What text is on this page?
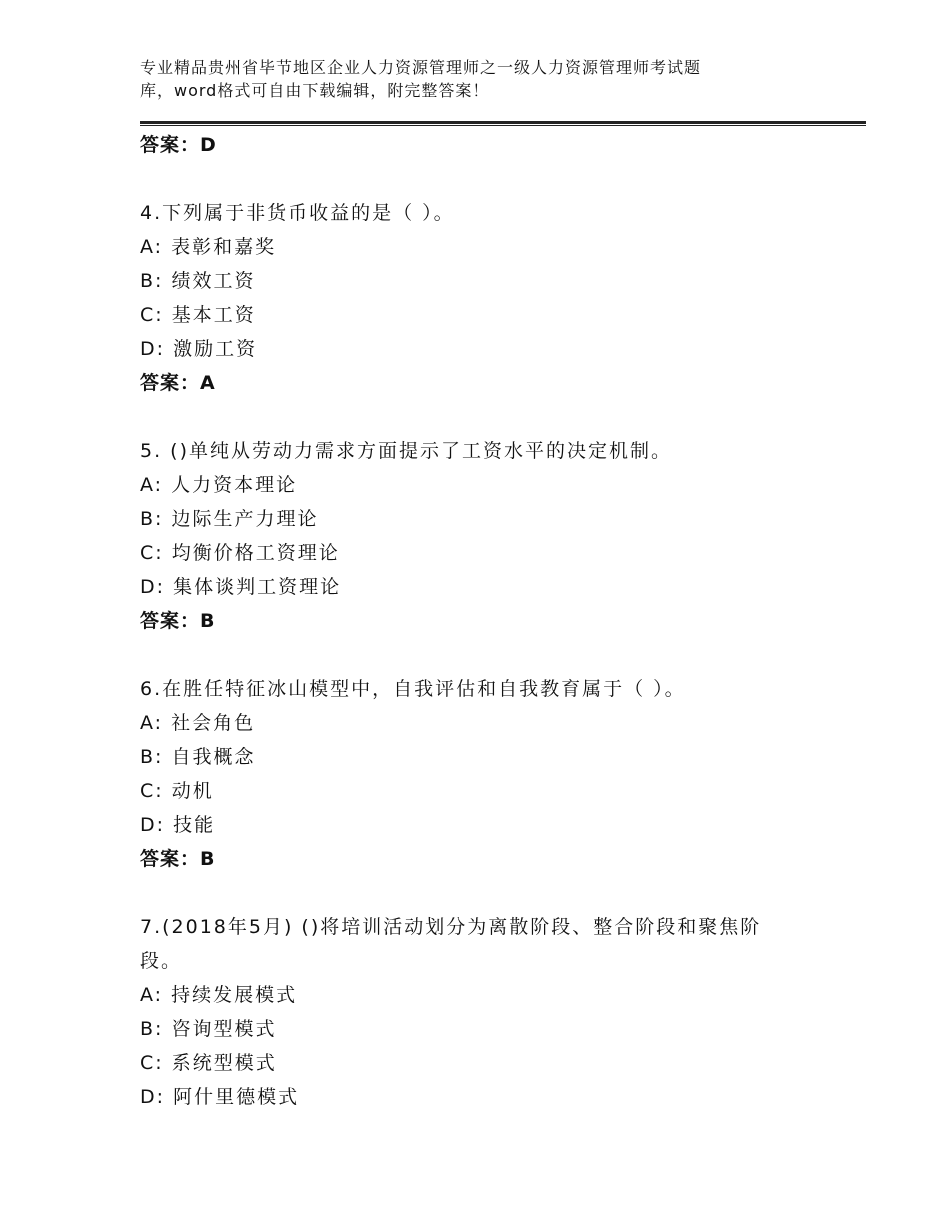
专业精品贵州省毕节地区企业人力资源管理师之一级人力资源管理师考试题
库，word格式可自由下载编辑，附完整答案！
答案：D
4.下列属于非货币收益的是（ ）。
A: 表彰和嘉奖
B: 绩效工资
C: 基本工资
D: 激励工资
答案：A
5. ()单纯从劳动力需求方面提示了工资水平的决定机制。
A: 人力资本理论
B: 边际生产力理论
C: 均衡价格工资理论
D: 集体谈判工资理论
答案：B
6.在胜任特征冰山模型中，自我评估和自我教育属于（ ）。
A: 社会角色
B: 自我概念
C: 动机
D: 技能
答案：B
7.(2018年5月) ()将培训活动划分为离散阶段、整合阶段和聚焦阶
段。
A: 持续发展模式
B: 咨询型模式
C: 系统型模式
D: 阿什里德模式
